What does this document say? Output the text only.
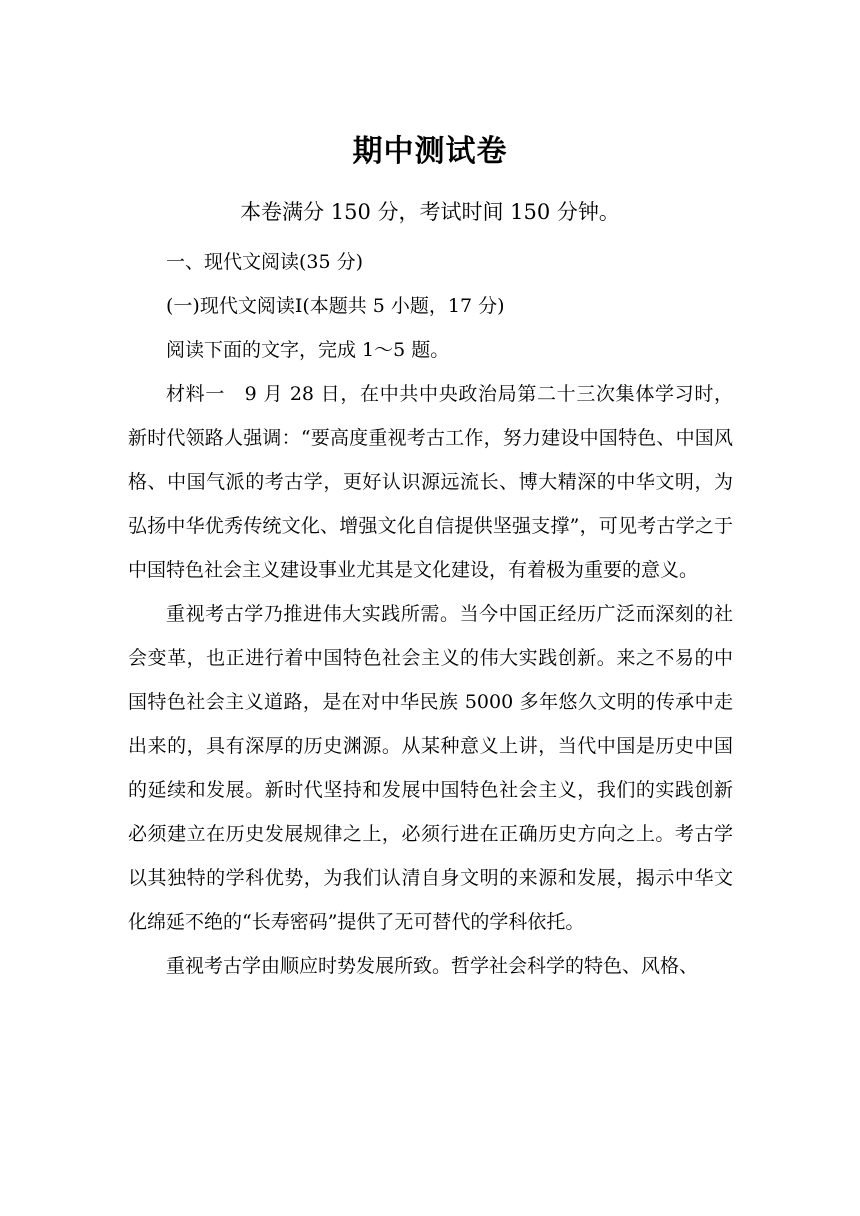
期中测试卷
本卷满分 150 分，考试时间 150 分钟。

一、现代文阅读(35 分)

(一)现代文阅读Ⅰ(本题共 5 小题，17 分)

阅读下面的文字，完成 1～5 题。

材料一　9 月 28 日，在中共中央政治局第二十三次集体学习时，新时代领路人强调：“要高度重视考古工作，努力建设中国特色、中国风格、中国气派的考古学，更好认识源远流长、博大精深的中华文明，为弘扬中华优秀传统文化、增强文化自信提供坚强支撑”，可见考古学之于中国特色社会主义建设事业尤其是文化建设，有着极为重要的意义。

重视考古学乃推进伟大实践所需。当今中国正经历广泛而深刻的社会变革，也正进行着中国特色社会主义的伟大实践创新。来之不易的中国特色社会主义道路，是在对中华民族 5000 多年悠久文明的传承中走出来的，具有深厚的历史渊源。从某种意义上讲，当代中国是历史中国的延续和发展。新时代坚持和发展中国特色社会主义，我们的实践创新必须建立在历史发展规律之上，必须行进在正确历史方向之上。考古学以其独特的学科优势，为我们认清自身文明的来源和发展，揭示中华文化绵延不绝的“长寿密码”提供了无可替代的学科依托。

重视考古学由顺应时势发展所致。哲学社会科学的特色、风格、
